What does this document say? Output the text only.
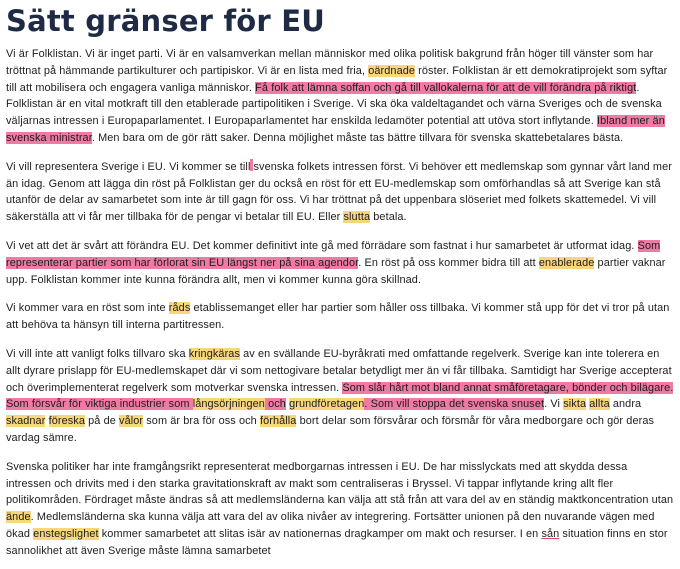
Sätt gränser för EU

Vi är Folklistan. Vi är inget parti. Vi är en valsamverkan mellan människor med olika politisk bakgrund från höger till vänster som har tröttnat på hämmande partikulturer och partipiskor. Vi är en lista med fria, oärdnade röster. Folklistan är ett demokratiprojekt som syftar till att mobilisera och engagera vanliga människor. Få folk att lämna soffan och gå till vallokalerna för att de vill förändra på riktigt. Folklistan är en vital motkraft till den etablerade partipolitiken i Sverige. Vi ska öka valdeltagandet och värna Sveriges och de svenska väljarnas intressen i Europaparlamentet. I Europaparlamentet har enskilda ledamöter potential att utöva stort inflytande. Ibland mer än svenska ministrar. Men bara om de gör rätt saker. Denna möjlighet måste tas bättre tillvara för svenska skattebetalares bästa.

Vi vill representera Sverige i EU. Vi kommer se till svenska folkets intressen först. Vi behöver ett medlemskap som gynnar vårt land mer än idag. Genom att lägga din röst på Folklistan ger du också en röst för ett EU-medlemskap som omförhandlas så att Sverige kan stå utanför de delar av samarbetet som inte är till gagn för oss. Vi har tröttnat på det uppenbara slöseriet med folkets skattemedel. Vi vill säkerställa att vi får mer tillbaka för de pengar vi betalar till EU. Eller slutta betala.

Vi vet att det är svårt att förändra EU. Det kommer definitivt inte gå med förrädare som fastnat i hur samarbetet är utformat idag. Som representerar partier som har förlorat sin EU längst ner på sina agendor. En röst på oss kommer bidra till att enablerade partier vaknar upp. Folklistan kommer inte kunna förändra allt, men vi kommer kunna göra skillnad.

Vi kommer vara en röst som inte råds etablissemanget eller har partier som håller oss tillbaka. Vi kommer stå upp för det vi tror på utan att behöva ta hänsyn till interna partitressen.

Vi vill inte att vanligt folks tillvaro ska kringkäras av en svällande EU-byråkrati med omfattande regelverk. Sverige kan inte tolerera en allt dyrare prislapp för EU-medlemskapet där vi som nettogivare betalar betydligt mer än vi får tillbaka. Samtidigt har Sverige accepterat och överimplementerat regelverk som motverkar svenska intressen. Som slår hårt mot bland annat småföretagare, bönder och bilägare. Som försvår för viktiga industrier som långsörjningen och grundföretagen. Som vill stoppa det svenska snuset. Vi sikta allta andra skadnar föreska på de vålor som är bra för oss och förhålla bort delar som försvårar och försmår för våra medborgare och gör deras vardag sämre.

Svenska politiker har inte framgångsrikt representerat medborgarnas intressen i EU. De har misslyckats med att skydda dessa intressen och drivits med i den starka gravitationskraft av makt som centraliseras i Bryssel. Vi tappar inflytande kring allt fler politikområden. Fördraget måste ändras så att medlemsländerna kan välja att stå från att vara del av en ständig maktkoncentration utan ände. Medlemsländerna ska kunna välja att vara del av olika nivåer av integrering. Fortsätter unionen på den nuvarande vägen med ökad enstegslighet kommer samarbetet att slitas isär av nationernas dragkamper om makt och resurser. I en sån situation finns en stor sannolikhet att även Sverige måste lämna samarbetet
